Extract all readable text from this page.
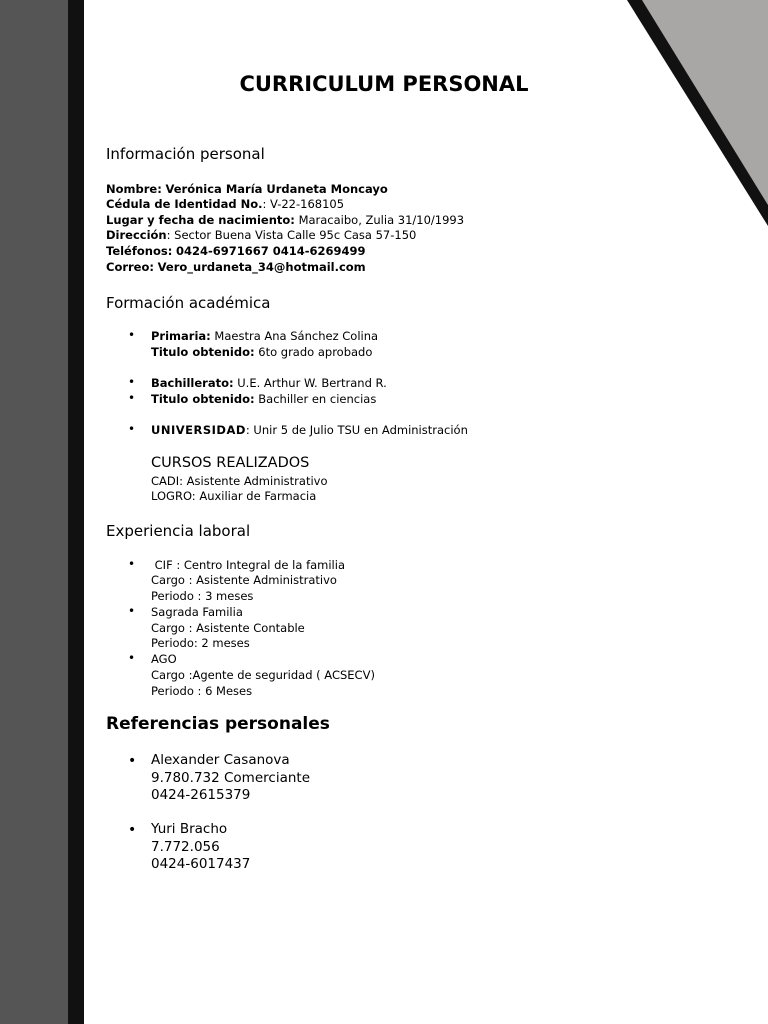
CURRICULUM PERSONAL
Información personal
Nombre: Verónica María Urdaneta Moncayo
Cédula de Identidad No.: V-22-168105
Lugar y fecha de nacimiento: Maracaibo, Zulia 31/10/1993
Dirección: Sector Buena Vista Calle 95c Casa 57-150
Teléfonos: 0424-6971667 0414-6269499
Correo: Vero_urdaneta_34@hotmail.com
Formación académica
• Primaria: Maestra Ana Sánchez Colina
Titulo obtenido: 6to grado aprobado
• Bachillerato: U.E. Arthur W. Bertrand R.
• Titulo obtenido: Bachiller en ciencias
• UNIVERSIDAD: Unir 5 de Julio TSU en Administración
CURSOS REALIZADOS
CADI: Asistente Administrativo
LOGRO: Auxiliar de Farmacia
Experiencia laboral
• CIF : Centro Integral de la familia
Cargo : Asistente Administrativo
Periodo : 3 meses
• Sagrada Familia
Cargo : Asistente Contable
Periodo: 2 meses
• AGO
Cargo :Agente de seguridad ( ACSECV)
Periodo : 6 Meses
Referencias personales
• Alexander Casanova
9.780.732 Comerciante
0424-2615379
• Yuri Bracho
7.772.056
0424-6017437
